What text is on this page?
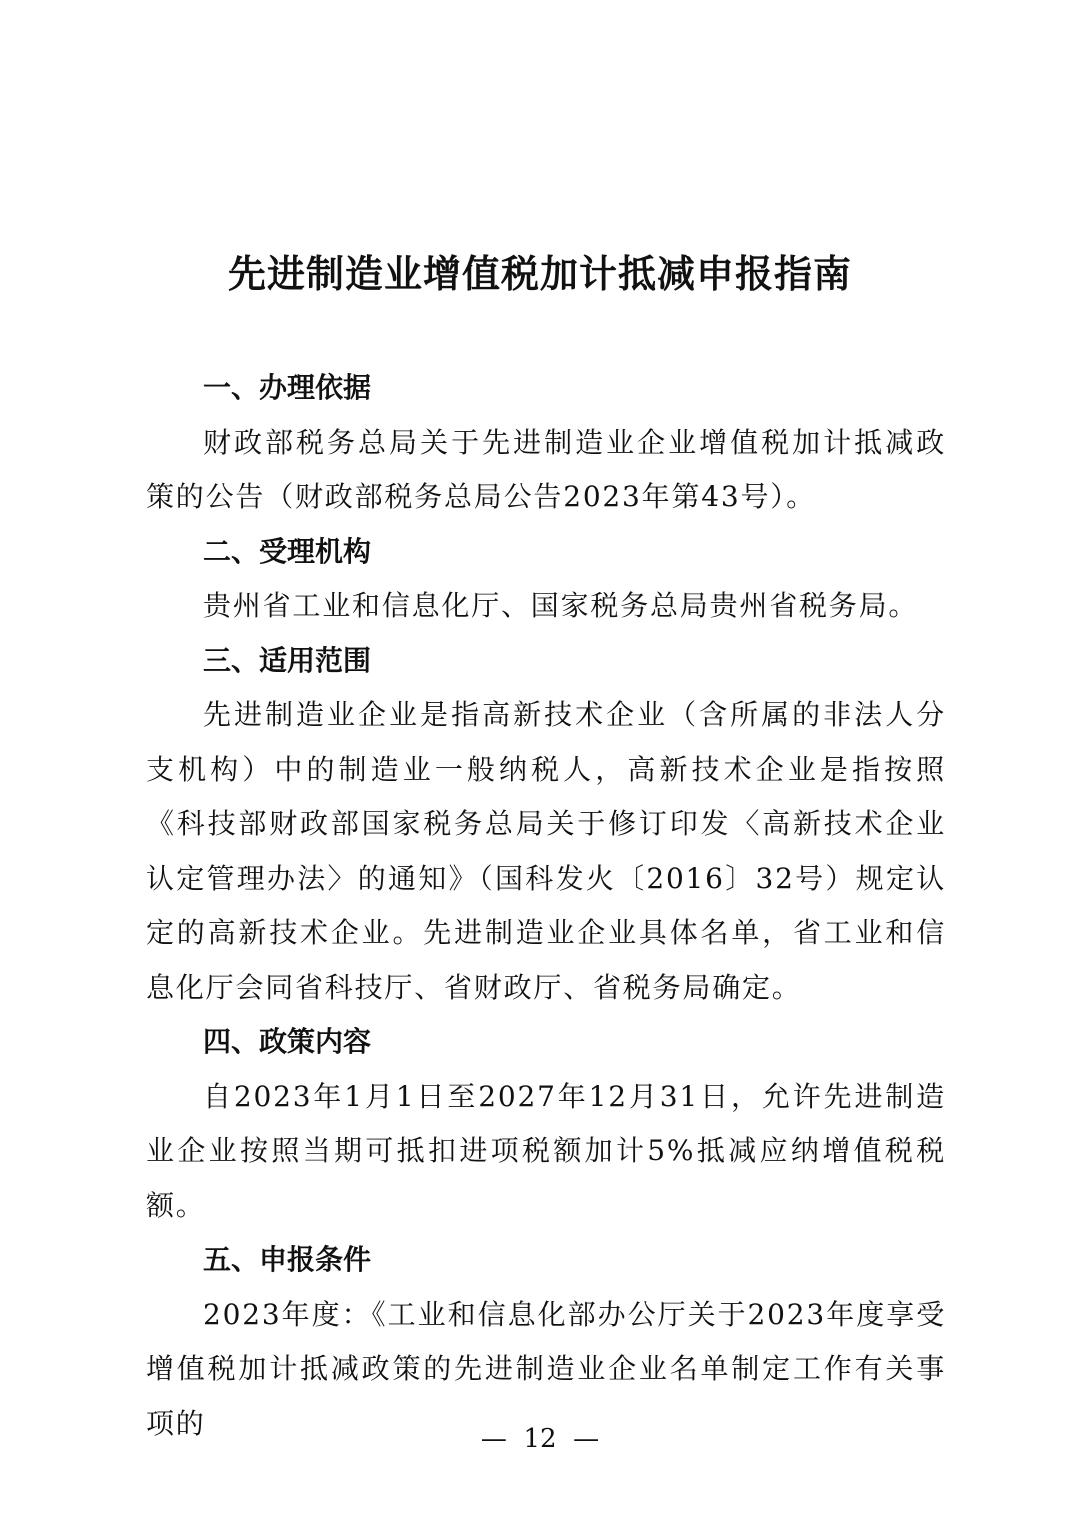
先进制造业增值税加计抵减申报指南
一、办理依据

财政部税务总局关于先进制造业企业增值税加计抵减政策的公告（财政部税务总局公告2023年第43号）。

二、受理机构

贵州省工业和信息化厅、国家税务总局贵州省税务局。

三、适用范围

先进制造业企业是指高新技术企业（含所属的非法人分支机构）中的制造业一般纳税人，高新技术企业是指按照《科技部财政部国家税务总局关于修订印发〈高新技术企业认定管理办法〉的通知》（国科发火〔2016〕32号）规定认定的高新技术企业。先进制造业企业具体名单，省工业和信息化厅会同省科技厅、省财政厅、省税务局确定。

四、政策内容

自2023年1月1日至2027年12月31日，允许先进制造业企业按照当期可抵扣进项税额加计5%抵减应纳增值税税额。

五、申报条件

2023年度：《工业和信息化部办公厅关于2023年度享受增值税加计抵减政策的先进制造业企业名单制定工作有关事项的	— 12 —
